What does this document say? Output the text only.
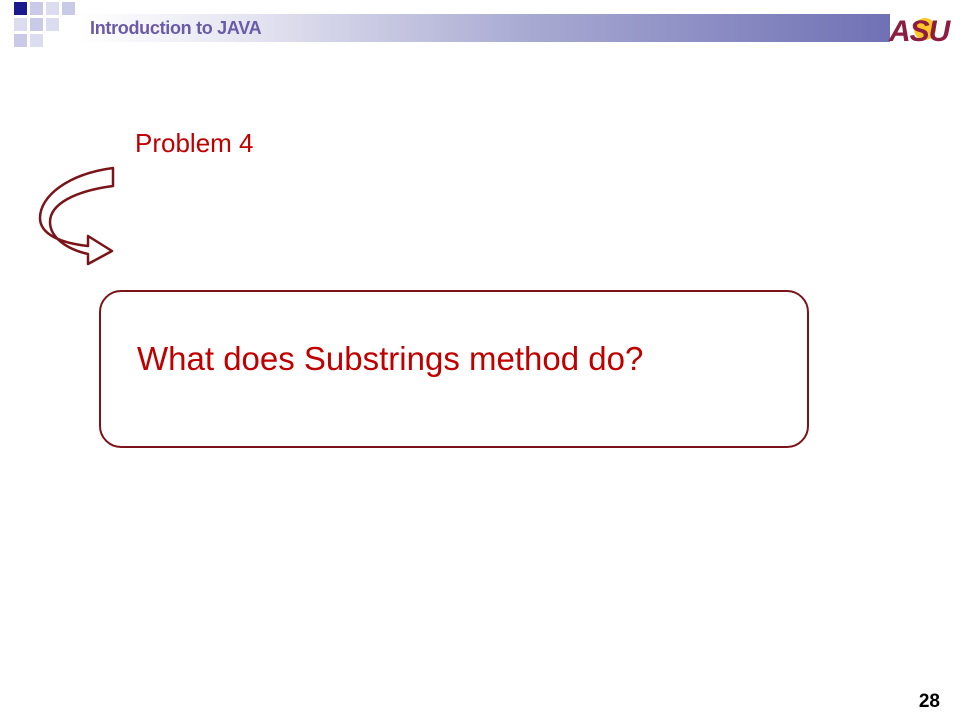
Introduction to JAVA	ASU
Problem 4
What does Substrings method do?
28
